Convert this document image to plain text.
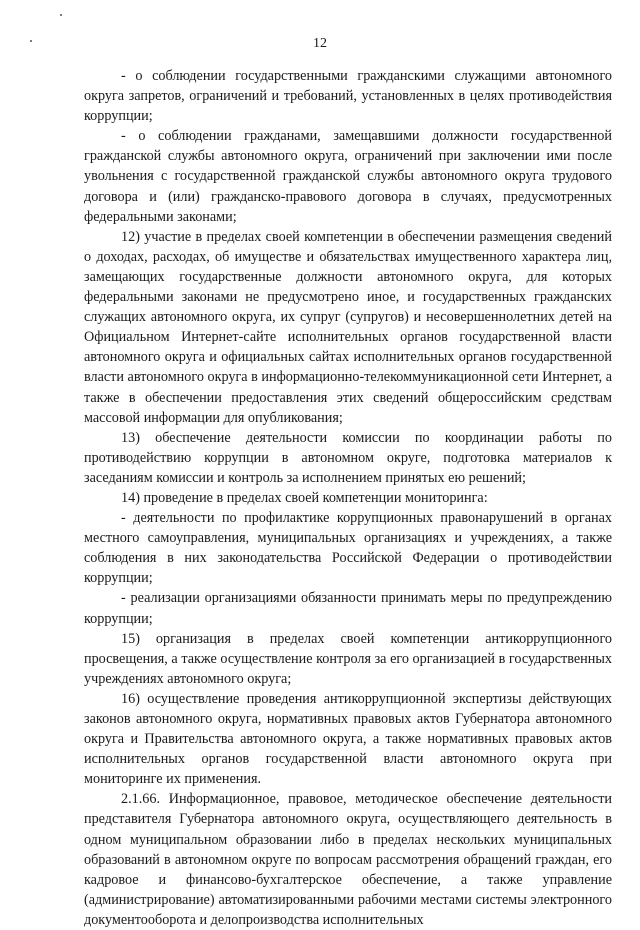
12

- о соблюдении государственными гражданскими служащими автономного округа запретов, ограничений и требований, установленных в целях противодействия коррупции;

- о соблюдении гражданами, замещавшими должности государственной гражданской службы автономного округа, ограничений при заключении ими после увольнения с государственной гражданской службы автономного округа трудового договора и (или) гражданско-правового договора в случаях, предусмотренных федеральными законами;

12) участие в пределах своей компетенции в обеспечении размещения сведений о доходах, расходах, об имуществе и обязательствах имущественного характера лиц, замещающих государственные должности автономного округа, для которых федеральными законами не предусмотрено иное, и государственных гражданских служащих автономного округа, их супруг (супругов) и несовершеннолетних детей на Официальном Интернет-сайте исполнительных органов государственной власти автономного округа и официальных сайтах исполнительных органов государственной власти автономного округа в информационно-телекоммуникационной сети Интернет, а также в обеспечении предоставления этих сведений общероссийским средствам массовой информации для опубликования;

13) обеспечение деятельности комиссии по координации работы по противодействию коррупции в автономном округе, подготовка материалов к заседаниям комиссии и контроль за исполнением принятых ею решений;

14) проведение в пределах своей компетенции мониторинга:

- деятельности по профилактике коррупционных правонарушений в органах местного самоуправления, муниципальных организациях и учреждениях, а также соблюдения в них законодательства Российской Федерации о противодействии коррупции;

- реализации организациями обязанности принимать меры по предупреждению коррупции;

15) организация в пределах своей компетенции антикоррупционного просвещения, а также осуществление контроля за его организацией в государственных учреждениях автономного округа;

16) осуществление проведения антикоррупционной экспертизы действующих законов автономного округа, нормативных правовых актов Губернатора автономного округа и Правительства автономного округа, а также нормативных правовых актов исполнительных органов государственной власти автономного округа при мониторинге их применения.

2.1.66. Информационное, правовое, методическое обеспечение деятельности представителя Губернатора автономного округа, осуществляющего деятельность в одном муниципальном образовании либо в пределах нескольких муниципальных образований в автономном округе по вопросам рассмотрения обращений граждан, его кадровое и финансово-бухгалтерское обеспечение, а также управление (администрирование) автоматизированными рабочими местами системы электронного документооборота и делопроизводства исполнительных
